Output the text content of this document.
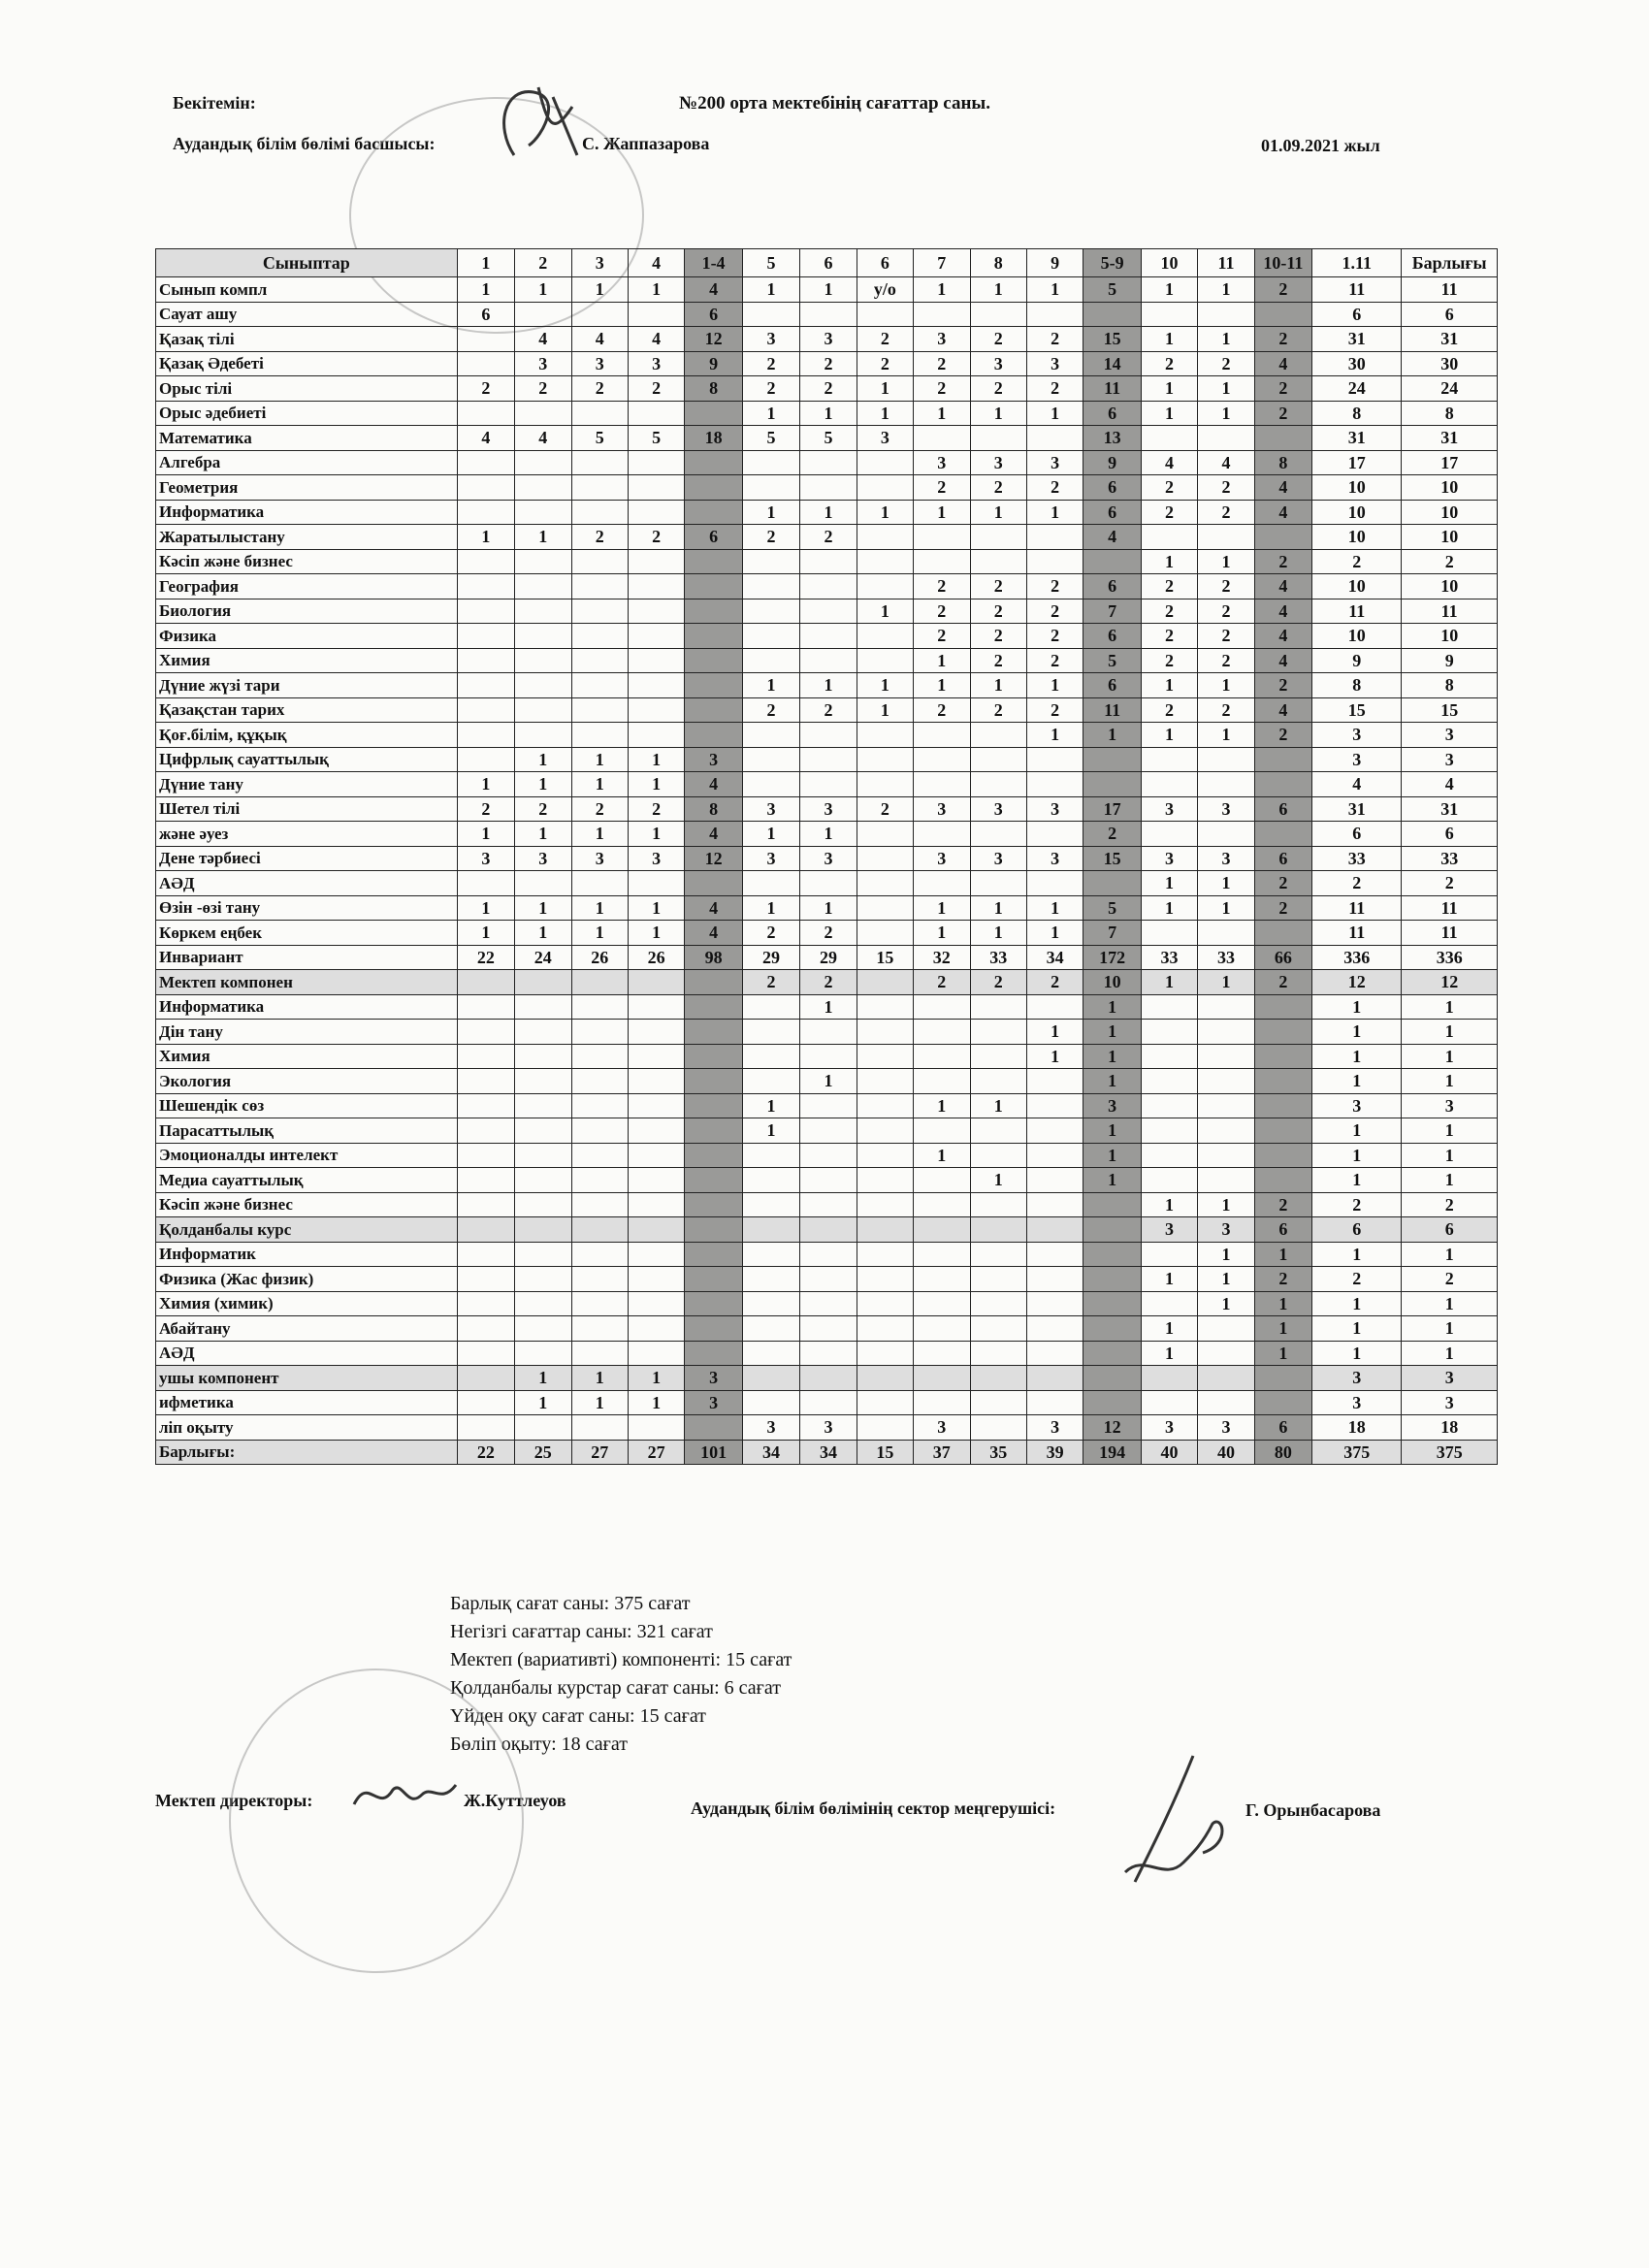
Бекітемін:	№200 орта мектебінің сағаттар саны.
Аудандық білім бөлімі басшысы:	С. Жаппазарова	01.09.2021 жыл
Сыныптар	1	2	3	4	1-4	5	6	6	7	8	9	5-9	10	11	10-11	1.11	Барлығы
Сынып компл	1	1	1	1	4	1	1	у/о	1	1	1	5	1	1	2	11	11
Сауат ашу	6				6											6	6
Қазақ тілі		4	4	4	12	3	3	2	3	2	2	15	1	1	2	31	31
Қазақ Әдебеті		3	3	3	9	2	2	2	2	3	3	14	2	2	4	30	30
Орыс тілі	2	2	2	2	8	2	2	1	2	2	2	11	1	1	2	24	24
Орыс әдебиеті						1	1	1	1	1	1	6	1	1	2	8	8
Математика	4	4	5	5	18	5	5	3				13				31	31
Алгебра									3	3	3	9	4	4	8	17	17
Геометрия									2	2	2	6	2	2	4	10	10
Информатика						1	1	1	1	1	1	6	2	2	4	10	10
Жаратылыстану	1	1	2	2	6	2	2					4				10	10
Кәсіп және бизнес													1	1	2	2	2
География									2	2	2	6	2	2	4	10	10
Биология								1	2	2	2	7	2	2	4	11	11
Физика									2	2	2	6	2	2	4	10	10
Химия									1	2	2	5	2	2	4	9	9
Дүние жүзі тари						1	1	1	1	1	1	6	1	1	2	8	8
Қазақстан тарих						2	2	1	2	2	2	11	2	2	4	15	15
Қоғ.білім, құқық											1	1	1	1	2	3	3
Цифрлық сауаттылық		1	1	1	3											3	3
Дүние тану	1	1	1	1	4											4	4
Шетел тілі	2	2	2	2	8	3	3	2	3	3	3	17	3	3	6	31	31
және әуез	1	1	1	1	4	1	1					2				6	6
Дене тәрбиесі	3	3	3	3	12	3	3		3	3	3	15	3	3	6	33	33
АӘД													1	1	2	2	2
Өзін -өзі тану	1	1	1	1	4	1	1		1	1	1	5	1	1	2	11	11
Көркем еңбек	1	1	1	1	4	2	2		1	1	1	7				11	11
Инвариант	22	24	26	26	98	29	29	15	32	33	34	172	33	33	66	336	336
Мектеп компонен						2	2		2	2	2	10	1	1	2	12	12
Информатика							1					1				1	1
Дін тану											1	1				1	1
Химия											1	1				1	1
Экология							1					1				1	1
Шешендік сөз						1			1	1		3				3	3
Парасаттылық						1						1				1	1
Эмоционалды интелект									1			1				1	1
Медиа сауаттылық										1		1				1	1
Кәсіп және бизнес													1	1	2	2	2
Қолданбалы курс													3	3	6	6	6
Информатик														1	1	1	1
Физика (Жас физик)													1	1	2	2	2
Химия (химик)														1	1	1	1
Абайтану													1		1	1	1
АӘД													1		1	1	1
ушы компонент		1	1	1	3											3	3
ифметика		1	1	1	3											3	3
ліп оқыту						3	3		3		3	12	3	3	6	18	18
Барлығы:	22	25	27	27	101	34	34	15	37	35	39	194	40	40	80	375	375
Барлық сағат саны: 375 сағат
Негізгі сағаттар саны: 321 сағат
Мектеп (вариативті) компоненті: 15 сағат
Қолданбалы курстар сағат саны: 6 сағат
Үйден оқу сағат саны: 15 сағат
Бөліп оқыту: 18 сағат
Мектеп директоры:	Ж.Куттлеуов	Аудандық білім бөлімінің сектор меңгерушісі:	Г. Орынбасарова
